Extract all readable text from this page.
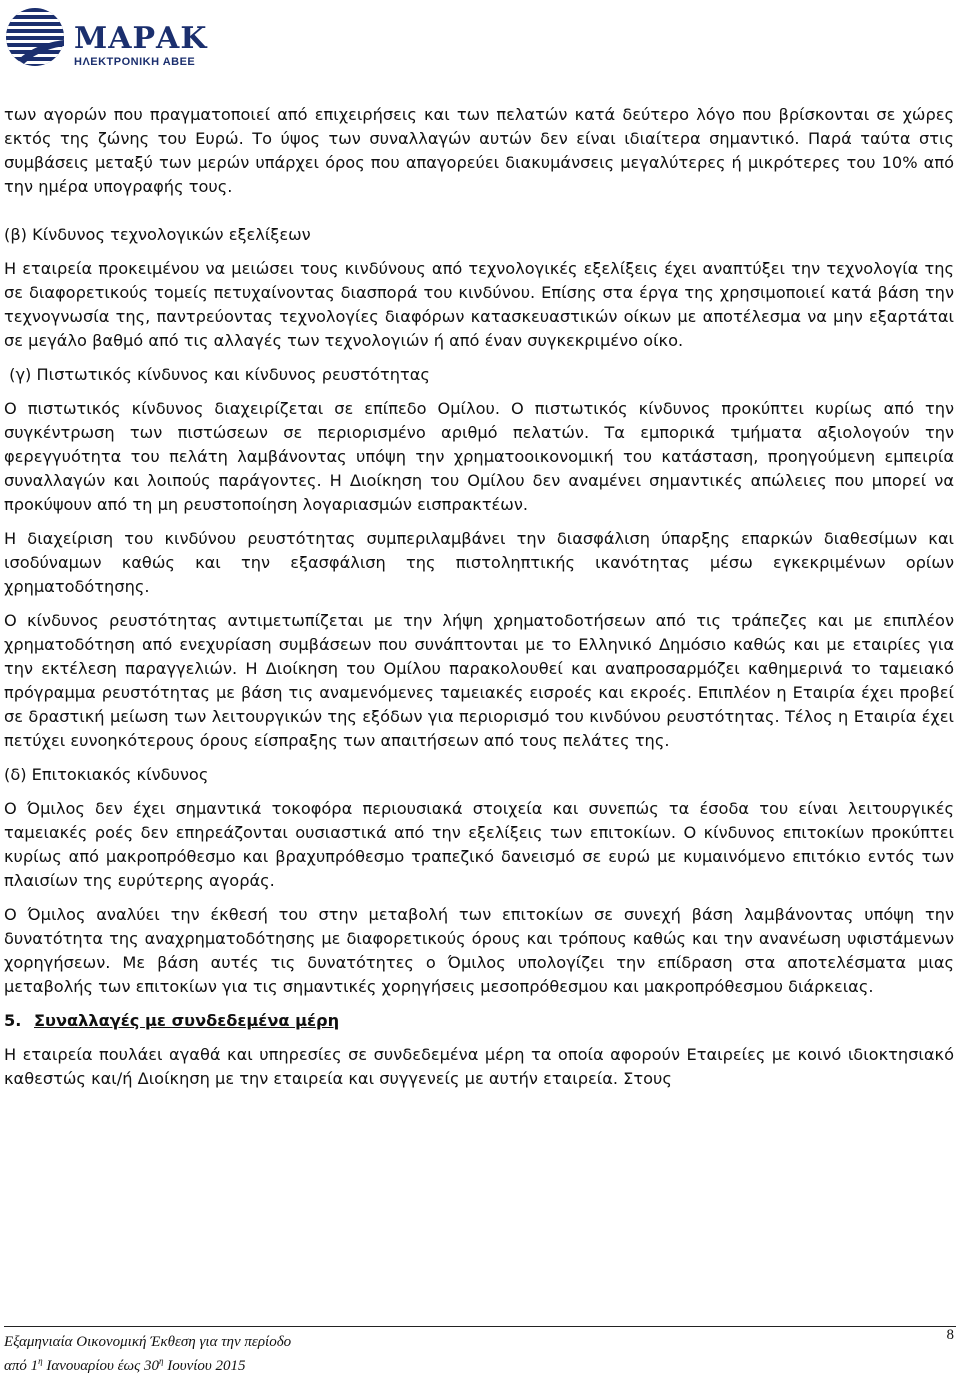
ΜΑΡΑΚ
ΗΛΕΚΤΡΟΝΙΚΗ ΑΒΕΕ

των αγορών που πραγματοποιεί από επιχειρήσεις και των πελατών κατά δεύτερο λόγο που βρίσκονται σε χώρες εκτός της ζώνης του Ευρώ. Το ύψος των συναλλαγών αυτών δεν είναι ιδιαίτερα σημαντικό. Παρά ταύτα στις συμβάσεις μεταξύ των μερών υπάρχει όρος που απαγορεύει διακυμάνσεις μεγαλύτερες ή μικρότερες του 10% από την ημέρα υπογραφής τους.

(β) Κίνδυνος τεχνολογικών εξελίξεων

Η εταιρεία προκειμένου να μειώσει τους κινδύνους από τεχνολογικές εξελίξεις έχει αναπτύξει την τεχνολογία της σε διαφορετικούς τομείς πετυχαίνοντας διασπορά του κινδύνου. Επίσης στα έργα της χρησιμοποιεί κατά βάση την τεχνογνωσία της, παντρεύοντας τεχνολογίες διαφόρων κατασκευαστικών οίκων με αποτέλεσμα να μην εξαρτάται σε μεγάλο βαθμό από τις αλλαγές των τεχνολογιών ή από έναν συγκεκριμένο οίκο.

(γ) Πιστωτικός κίνδυνος και κίνδυνος ρευστότητας

Ο πιστωτικός κίνδυνος διαχειρίζεται σε επίπεδο Ομίλου. Ο πιστωτικός κίνδυνος προκύπτει κυρίως από την συγκέντρωση των πιστώσεων σε περιορισμένο αριθμό πελατών. Τα εμπορικά τμήματα αξιολογούν την φερεγγυότητα του πελάτη λαμβάνοντας υπόψη την χρηματοοικονομική του κατάσταση, προηγούμενη εμπειρία συναλλαγών και λοιπούς παράγοντες. Η Διοίκηση του Ομίλου δεν αναμένει σημαντικές απώλειες που μπορεί να προκύψουν από τη μη ρευστοποίηση λογαριασμών εισπρακτέων.

Η διαχείριση του κινδύνου ρευστότητας συμπεριλαμβάνει την διασφάλιση ύπαρξης επαρκών διαθεσίμων και ισοδύναμων καθώς και την εξασφάλιση της πιστοληπτικής ικανότητας μέσω εγκεκριμένων ορίων χρηματοδότησης.

Ο κίνδυνος ρευστότητας αντιμετωπίζεται με την λήψη χρηματοδοτήσεων από τις τράπεζες και με επιπλέον χρηματοδότηση από ενεχυρίαση συμβάσεων που συνάπτονται με το Ελληνικό Δημόσιο καθώς και με εταιρίες για την εκτέλεση παραγγελιών. Η Διοίκηση του Ομίλου παρακολουθεί και αναπροσαρμόζει καθημερινά το ταμειακό πρόγραμμα ρευστότητας με βάση τις αναμενόμενες ταμειακές εισροές και εκροές. Επιπλέον η Εταιρία έχει προβεί σε δραστική μείωση των λειτουργικών της εξόδων για περιορισμό του κινδύνου ρευστότητας. Τέλος η Εταιρία έχει πετύχει ευνοηκότερους όρους είσπραξης των απαιτήσεων από τους πελάτες της.

(δ) Επιτοκιακός κίνδυνος

Ο Όμιλος δεν έχει σημαντικά τοκοφόρα περιουσιακά στοιχεία και συνεπώς τα έσοδα του είναι λειτουργικές ταμειακές ροές δεν επηρεάζονται ουσιαστικά από την εξελίξεις των επιτοκίων. Ο κίνδυνος επιτοκίων προκύπτει κυρίως από μακροπρόθεσμο και βραχυπρόθεσμο τραπεζικό δανεισμό σε ευρώ με κυμαινόμενο επιτόκιο εντός των πλαισίων της ευρύτερης αγοράς.

Ο Όμιλος αναλύει την έκθεσή του στην μεταβολή των επιτοκίων σε συνεχή βάση λαμβάνοντας υπόψη την δυνατότητα της αναχρηματοδότησης με διαφορετικούς όρους και τρόπους καθώς και την ανανέωση υφιστάμενων χορηγήσεων. Με βάση αυτές τις δυνατότητες ο Όμιλος υπολογίζει την επίδραση στα αποτελέσματα μιας μεταβολής των επιτοκίων για τις σημαντικές χορηγήσεις μεσοπρόθεσμου και μακροπρόθεσμου διάρκειας.

5. Συναλλαγές με συνδεδεμένα μέρη

Η εταιρεία πουλάει αγαθά και υπηρεσίες σε συνδεδεμένα μέρη τα οποία αφορούν Εταιρείες με κοινό ιδιοκτησιακό καθεστώς και/ή Διοίκηση με την εταιρεία και συγγενείς με αυτήν εταιρεία. Στους

Εξαμηνιαία Οικονομική Έκθεση για την περίοδο
από $1^\eta$ Ιανουαρίου έως $30^\eta$ Ιουνίου 2015
8
